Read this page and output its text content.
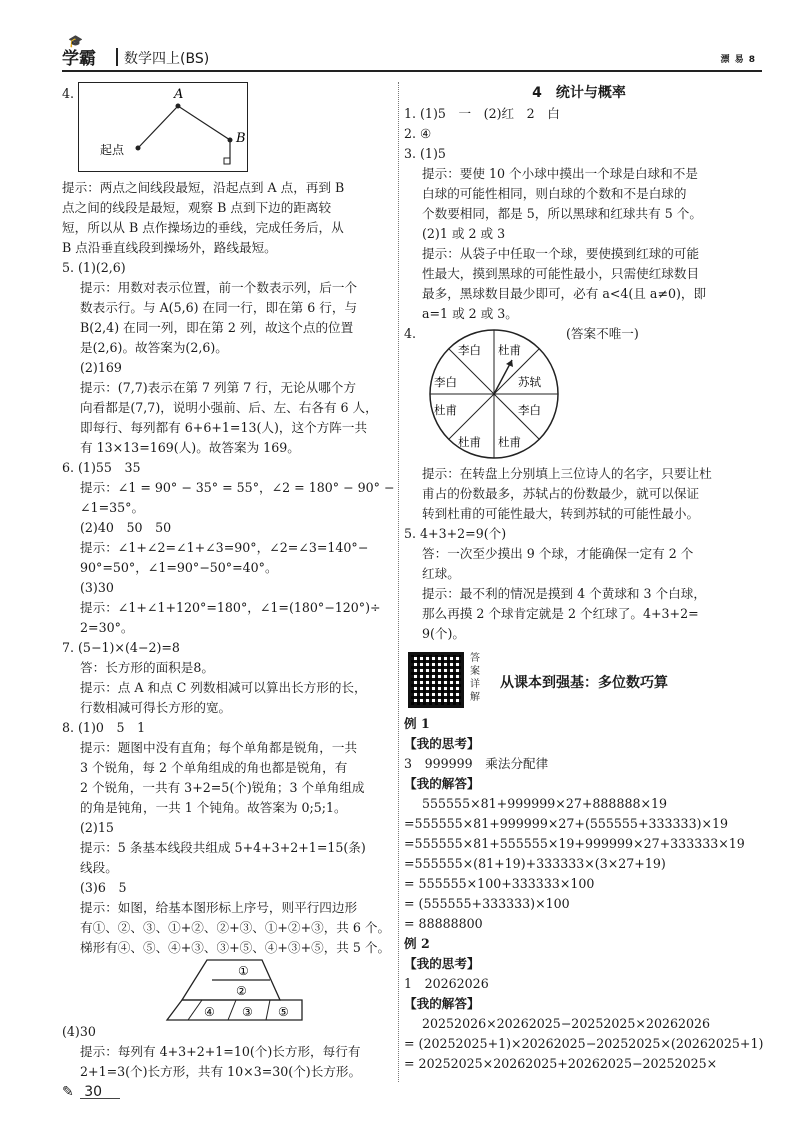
🎓
学霸 数学四上(BS)	漂 易 8
4.
提示：两点之间线段最短，沿起点到 A 点，再到 B
点之间的线段是最短，观察 B 点到下边的距离较
短，所以从 B 点作操场边的垂线，完成任务后，从
B 点沿垂直线段到操场外，路线最短。
5. (1)(2,6)
提示：用数对表示位置，前一个数表示列，后一个
数表示行。与 A(5,6) 在同一行，即在第 6 行，与
B(2,4) 在同一列，即在第 2 列，故这个点的位置
是(2,6)。故答案为(2,6)。
(2)169
提示：(7,7)表示在第 7 列第 7 行，无论从哪个方
向看都是(7,7)，说明小强前、后、左、右各有 6 人，
即每行、每列都有 6+6+1=13(人)，这个方阵一共
有 13×13=169(人)。故答案为 169。
6. (1)55　35
提示：∠1 = 90° − 35° = 55°，∠2 = 180° − 90° −
∠1=35°。
(2)40　50　50
提示：∠1+∠2=∠1+∠3=90°，∠2=∠3=140°−
90°=50°，∠1=90°−50°=40°。
(3)30
提示：∠1+∠1+120°=180°，∠1=(180°−120°)÷
2=30°。
7. (5−1)×(4−2)=8
答：长方形的面积是8。
提示：点 A 和点 C 列数相减可以算出长方形的长，
行数相减可得长方形的宽。
8. (1)0　5　1
提示：题图中没有直角；每个单角都是锐角，一共
3 个锐角，每 2 个单角组成的角也都是锐角，有
2 个锐角，一共有 3+2=5(个)锐角；3 个单角组成
的角是钝角，一共 1 个钝角。故答案为 0;5;1。
(2)15
提示：5 条基本线段共组成 5+4+3+2+1=15(条)
线段。
(3)6　5
提示：如图，给基本图形标上序号，则平行四边形
有①、②、③、①+②、②+③、①+②+③，共 6 个。
梯形有④、⑤、④+③、③+⑤、④+③+⑤，共 5 个。
①
②
④ ③ ⑤
(4)30
提示：每列有 4+3+2+1=10(个)长方形，每行有
2+1=3(个)长方形，共有 10×3=30(个)长方形。
A
B
起点
4　统计与概率
1. (1)5　一　(2)红　2　白
2. ④
3. (1)5
提示：要使 10 个小球中摸出一个球是白球和不是
白球的可能性相同，则白球的个数和不是白球的
个数要相同，都是 5，所以黑球和红球共有 5 个。
(2)1 或 2 或 3
提示：从袋子中任取一个球，要使摸到红球的可能
性最大，摸到黑球的可能性最小，只需使红球数目
最多，黑球数目最少即可，必有 a<4(且 a≠0)，即
a=1 或 2 或 3。
4.	(答案不唯一)
李白 杜甫
苏轼
李白
杜甫
杜甫
杜甫
李白
提示：在转盘上分别填上三位诗人的名字，只要让杜
甫占的份数最多，苏轼占的份数最少，就可以保证
转到杜甫的可能性最大，转到苏轼的可能性最小。
5. 4+3+2=9(个)
答：一次至少摸出 9 个球，才能确保一定有 2 个
红球。
提示：最不利的情况是摸到 4 个黄球和 3 个白球，
那么再摸 2 个球肯定就是 2 个红球了。4+3+2=
9(个)。
答案详解
从课本到强基：多位数巧算
例 1
【我的思考】
3　999999　乘法分配律
【我的解答】
555555×81+999999×27+888888×19
=555555×81+999999×27+(555555+333333)×19
=555555×81+555555×19+999999×27+333333×19
=555555×(81+19)+333333×(3×27+19)
= 555555×100+333333×100
= (555555+333333)×100
= 88888800
例 2
【我的思考】
1　20262026
【我的解答】
20252026×20262025−20252025×20262026
= (20252025+1)×20262025−20252025×(20262025+1)
= 20252025×20262025+20262025−20252025×
✎ 30
